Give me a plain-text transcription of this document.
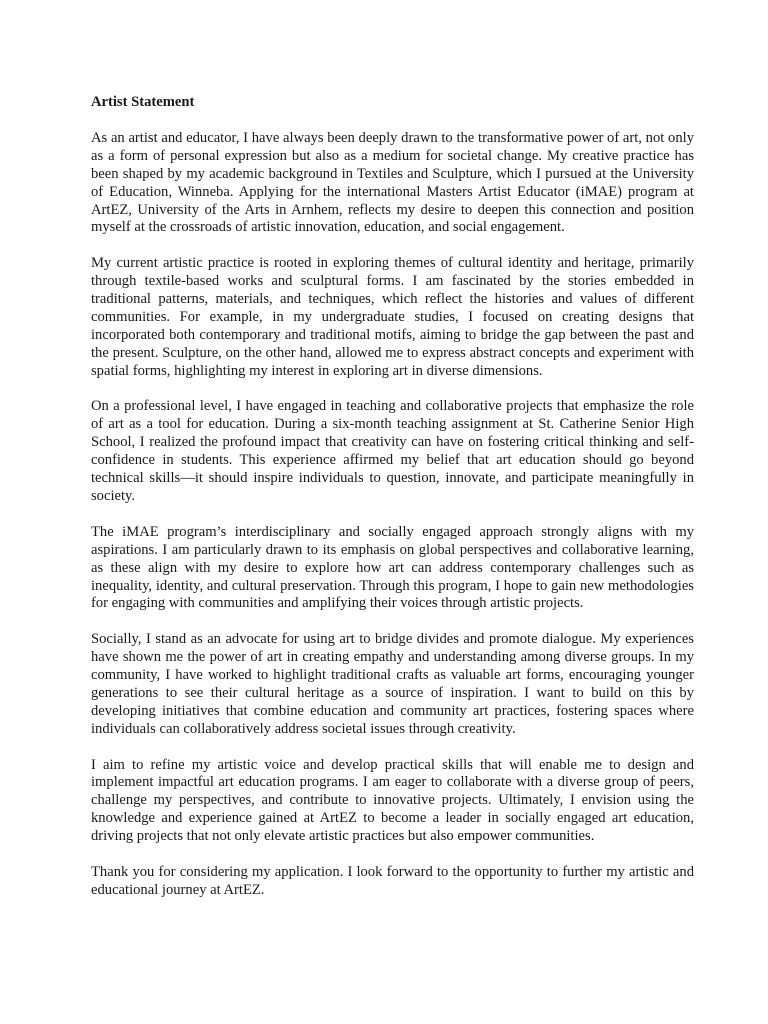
Artist Statement

As an artist and educator, I have always been deeply drawn to the transformative power of art, not only as a form of personal expression but also as a medium for societal change. My creative practice has been shaped by my academic background in Textiles and Sculpture, which I pursued at the University of Education, Winneba. Applying for the international Masters Artist Educator (iMAE) program at ArtEZ, University of the Arts in Arnhem, reflects my desire to deepen this connection and position myself at the crossroads of artistic innovation, education, and social engagement.

My current artistic practice is rooted in exploring themes of cultural identity and heritage, primarily through textile-based works and sculptural forms. I am fascinated by the stories embedded in traditional patterns, materials, and techniques, which reflect the histories and values of different communities. For example, in my undergraduate studies, I focused on creating designs that incorporated both contemporary and traditional motifs, aiming to bridge the gap between the past and the present. Sculpture, on the other hand, allowed me to express abstract concepts and experiment with spatial forms, highlighting my interest in exploring art in diverse dimensions.

On a professional level, I have engaged in teaching and collaborative projects that emphasize the role of art as a tool for education. During a six-month teaching assignment at St. Catherine Senior High School, I realized the profound impact that creativity can have on fostering critical thinking and self-confidence in students. This experience affirmed my belief that art education should go beyond technical skills—it should inspire individuals to question, innovate, and participate meaningfully in society.

The iMAE program’s interdisciplinary and socially engaged approach strongly aligns with my aspirations. I am particularly drawn to its emphasis on global perspectives and collaborative learning, as these align with my desire to explore how art can address contemporary challenges such as inequality, identity, and cultural preservation. Through this program, I hope to gain new methodologies for engaging with communities and amplifying their voices through artistic projects.

Socially, I stand as an advocate for using art to bridge divides and promote dialogue. My experiences have shown me the power of art in creating empathy and understanding among diverse groups. In my community, I have worked to highlight traditional crafts as valuable art forms, encouraging younger generations to see their cultural heritage as a source of inspiration. I want to build on this by developing initiatives that combine education and community art practices, fostering spaces where individuals can collaboratively address societal issues through creativity.

I aim to refine my artistic voice and develop practical skills that will enable me to design and implement impactful art education programs. I am eager to collaborate with a diverse group of peers, challenge my perspectives, and contribute to innovative projects. Ultimately, I envision using the knowledge and experience gained at ArtEZ to become a leader in socially engaged art education, driving projects that not only elevate artistic practices but also empower communities.

Thank you for considering my application. I look forward to the opportunity to further my artistic and educational journey at ArtEZ.
